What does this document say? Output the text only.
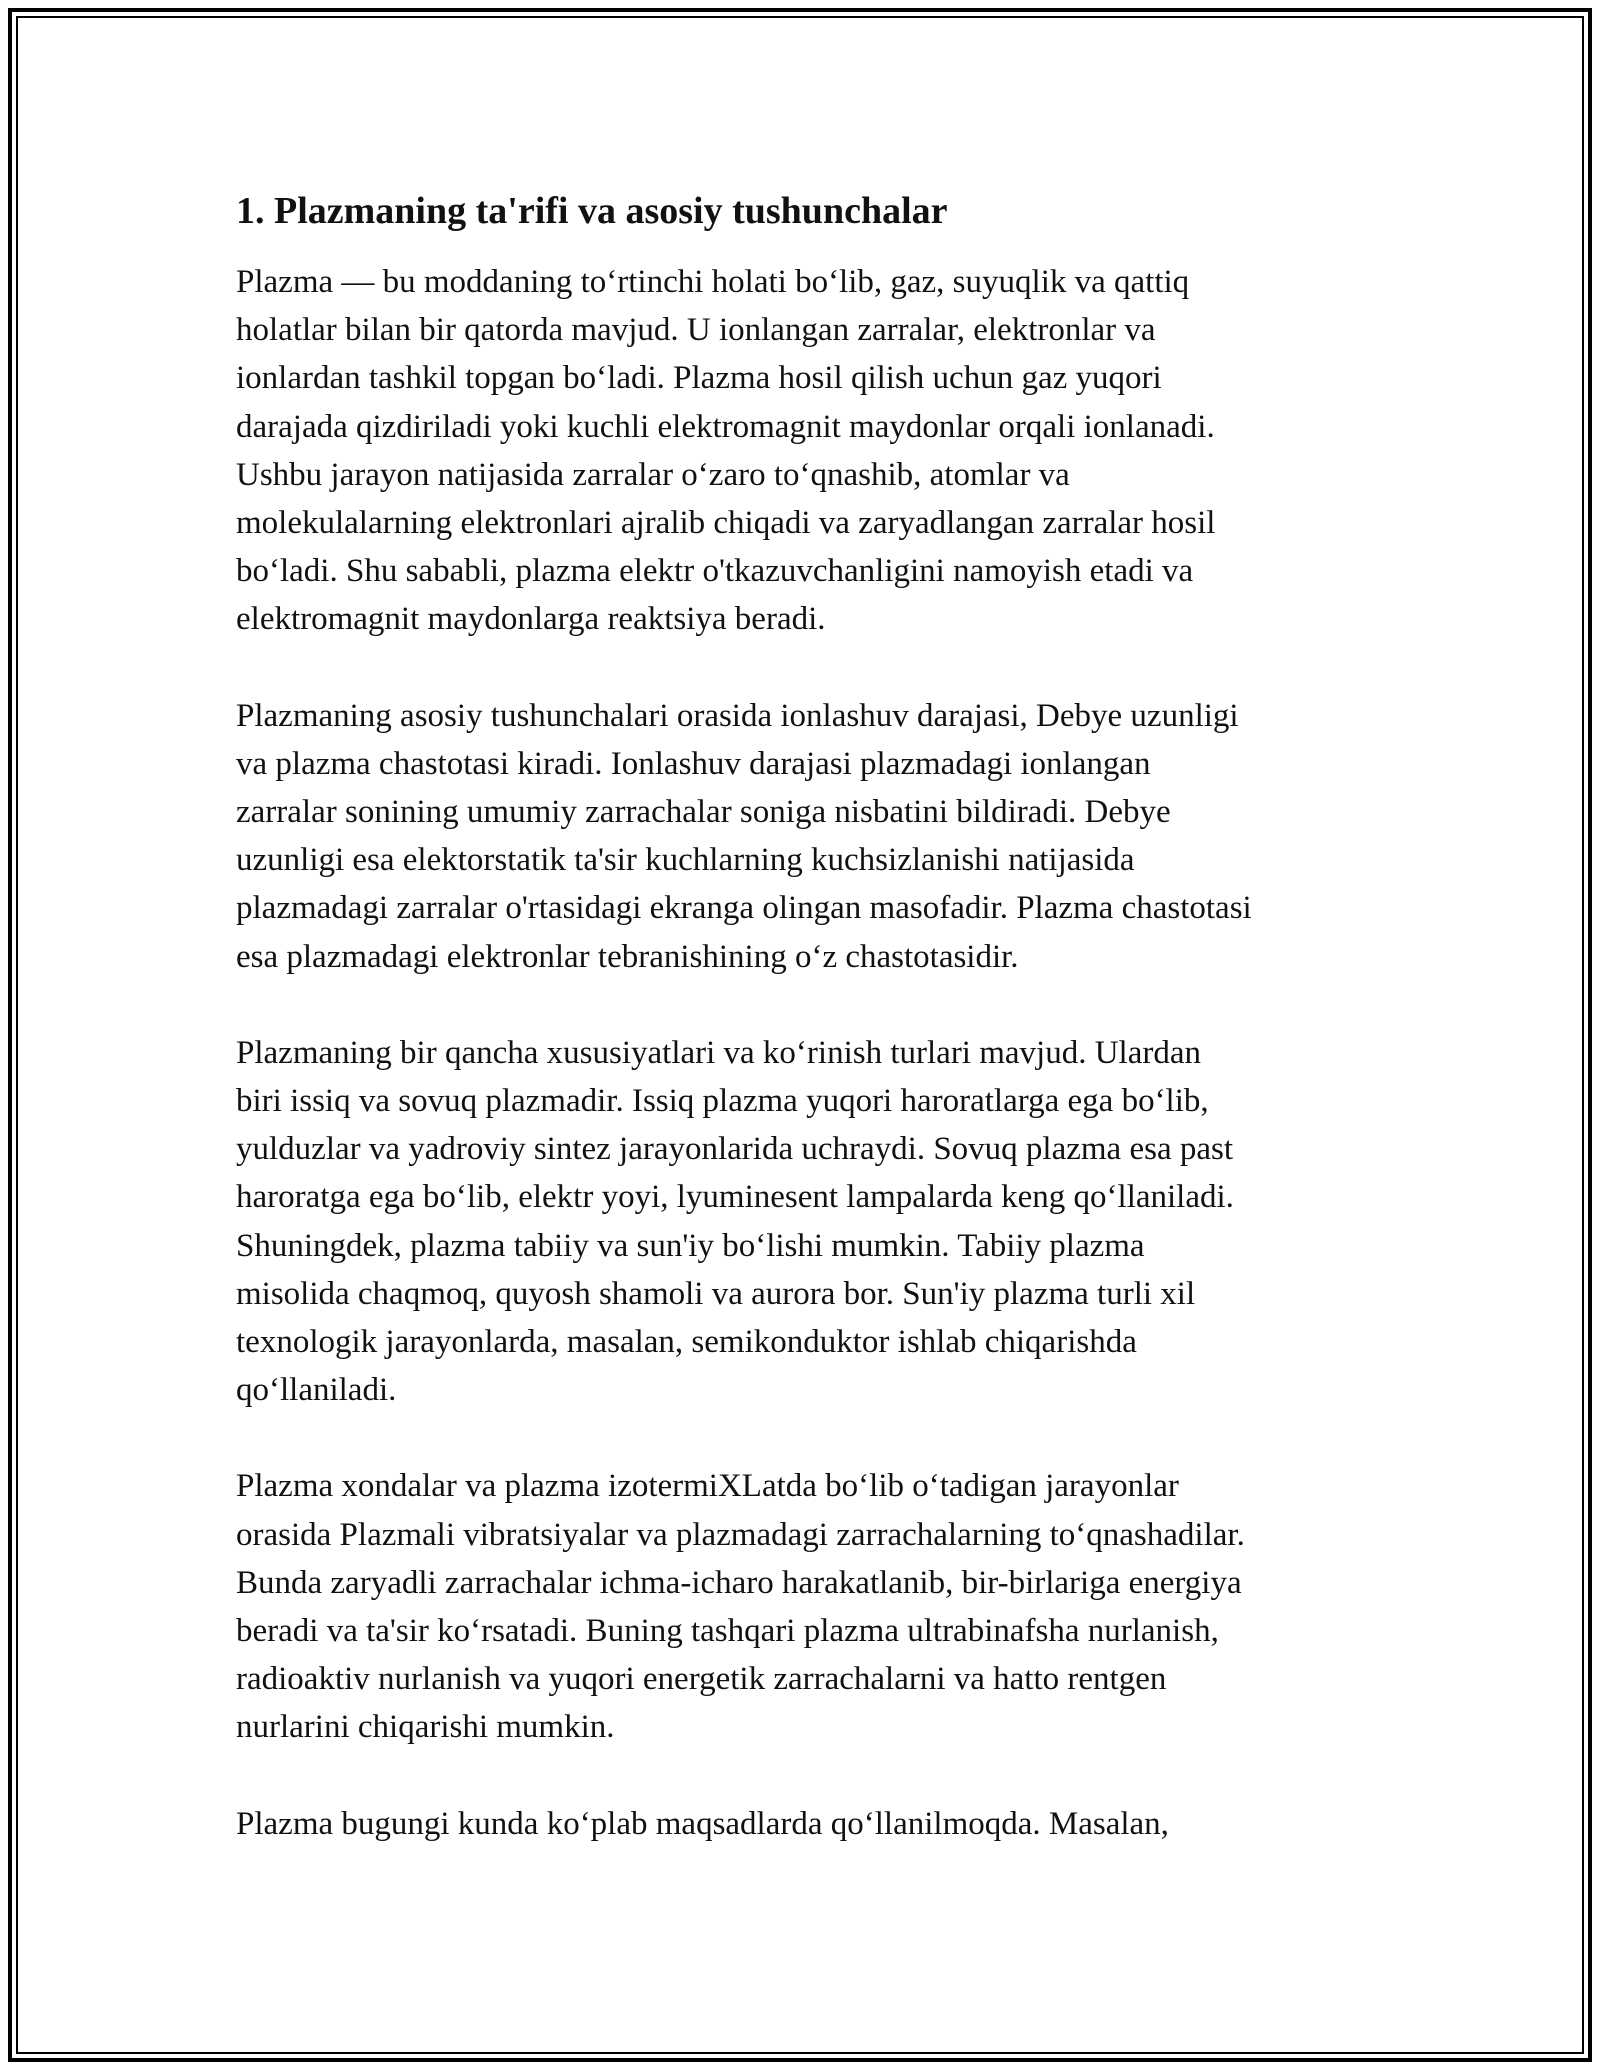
1. Plazmaning ta'rifi va asosiy tushunchalar

Plazma — bu moddaning to‘rtinchi holati bo‘lib, gaz, suyuqlik va qattiq
holatlar bilan bir qatorda mavjud. U ionlangan zarralar, elektronlar va
ionlardan tashkil topgan bo‘ladi. Plazma hosil qilish uchun gaz yuqori
darajada qizdiriladi yoki kuchli elektromagnit maydonlar orqali ionlanadi.
Ushbu jarayon natijasida zarralar o‘zaro to‘qnashib, atomlar va
molekulalarning elektronlari ajralib chiqadi va zaryadlangan zarralar hosil
bo‘ladi. Shu sababli, plazma elektr o'tkazuvchanligini namoyish etadi va
elektromagnit maydonlarga reaktsiya beradi.

Plazmaning asosiy tushunchalari orasida ionlashuv darajasi, Debye uzunligi
va plazma chastotasi kiradi. Ionlashuv darajasi plazmadagi ionlangan
zarralar sonining umumiy zarrachalar soniga nisbatini bildiradi. Debye
uzunligi esa elektorstatik ta'sir kuchlarning kuchsizlanishi natijasida
plazmadagi zarralar o'rtasidagi ekranga olingan masofadir. Plazma chastotasi
esa plazmadagi elektronlar tebranishining o‘z chastotasidir.

Plazmaning bir qancha xususiyatlari va ko‘rinish turlari mavjud. Ulardan
biri issiq va sovuq plazmadir. Issiq plazma yuqori haroratlarga ega bo‘lib,
yulduzlar va yadroviy sintez jarayonlarida uchraydi. Sovuq plazma esa past
haroratga ega bo‘lib, elektr yoyi, lyuminesent lampalarda keng qo‘llaniladi.
Shuningdek, plazma tabiiy va sun'iy bo‘lishi mumkin. Tabiiy plazma
misolida chaqmoq, quyosh shamoli va aurora bor. Sun'iy plazma turli xil
texnologik jarayonlarda, masalan, semikonduktor ishlab chiqarishda
qo‘llaniladi.

Plazma xondalar va plazma izotermiXLatda bo‘lib o‘tadigan jarayonlar
orasida Plazmali vibratsiyalar va plazmadagi zarrachalarning to‘qnashadilar.
Bunda zaryadli zarrachalar ichma-icharo harakatlanib, bir-birlariga energiya
beradi va ta'sir ko‘rsatadi. Buning tashqari plazma ultrabinafsha nurlanish,
radioaktiv nurlanish va yuqori energetik zarrachalarni va hatto rentgen
nurlarini chiqarishi mumkin.

Plazma bugungi kunda ko‘plab maqsadlarda qo‘llanilmoqda. Masalan,
